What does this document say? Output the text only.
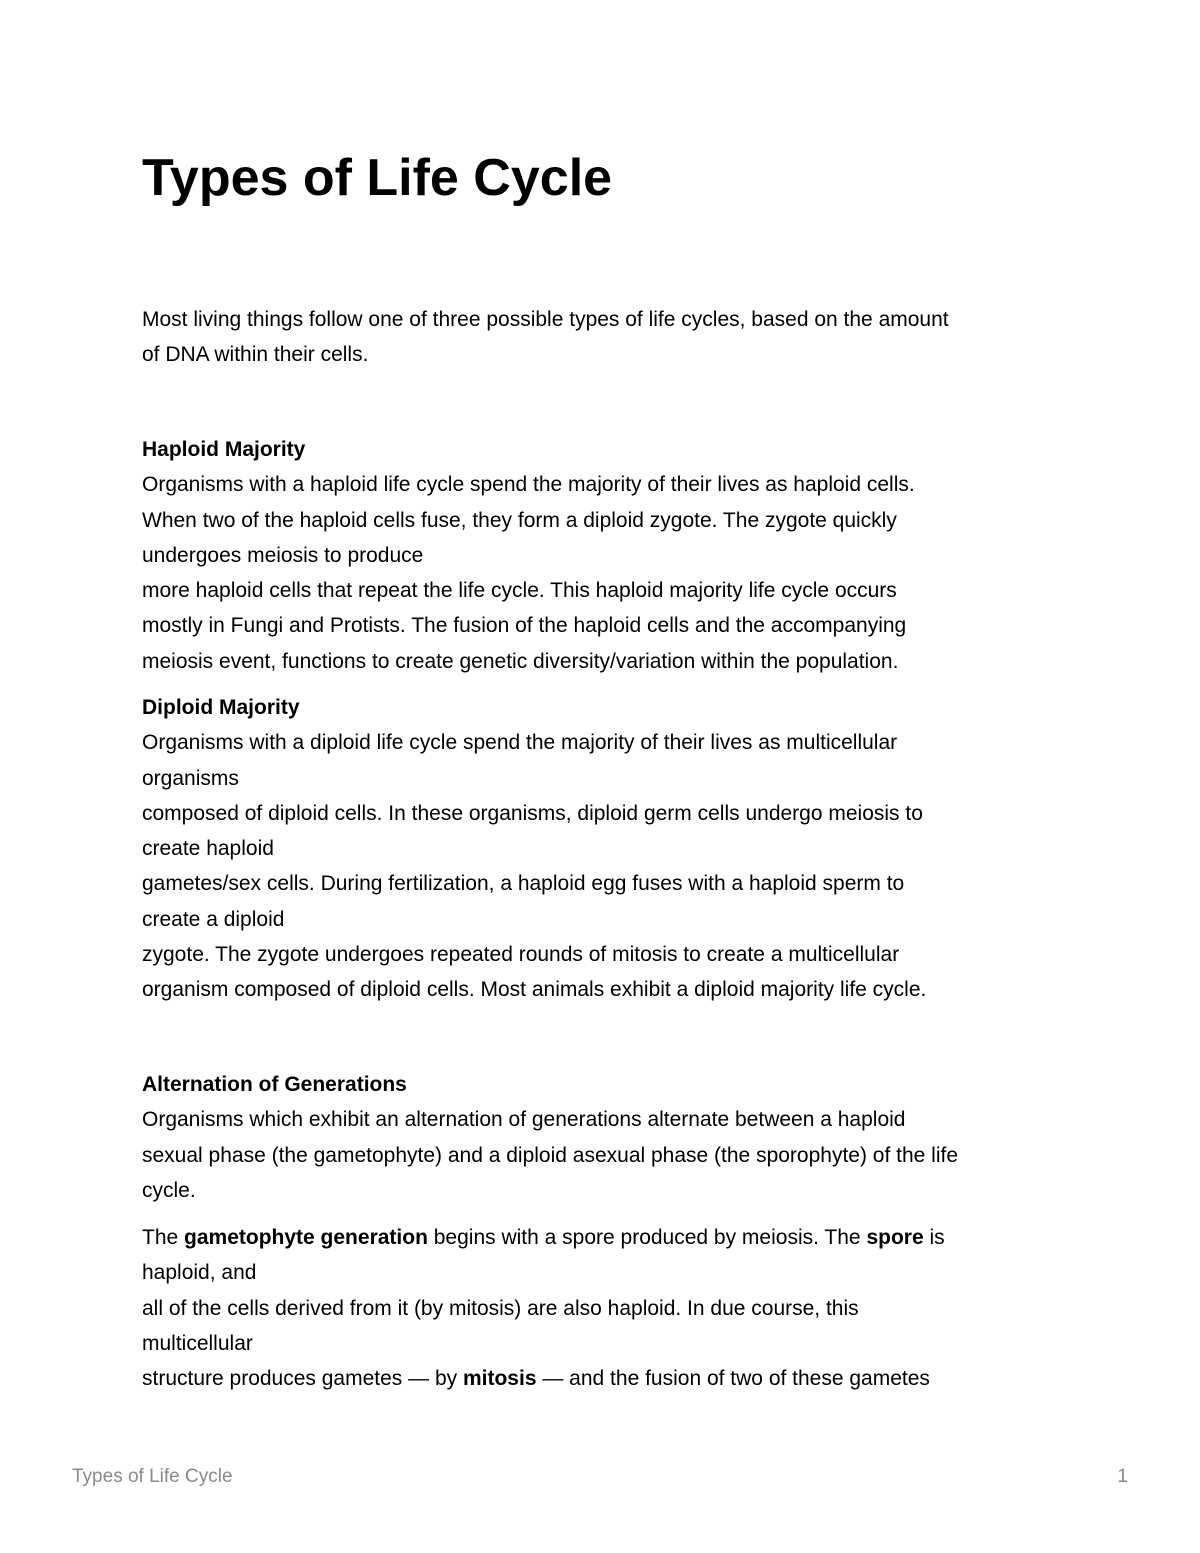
Types of Life Cycle
Most living things follow one of three possible types of life cycles, based on the amount
of DNA within their cells.
Haploid Majority
Organisms with a haploid life cycle spend the majority of their lives as haploid cells.
When two of the haploid cells fuse, they form a diploid zygote. The zygote quickly
undergoes meiosis to produce
more haploid cells that repeat the life cycle. This haploid majority life cycle occurs
mostly in Fungi and Protists. The fusion of the haploid cells and the accompanying
meiosis event, functions to create genetic diversity/variation within the population.
Diploid Majority
Organisms with a diploid life cycle spend the majority of their lives as multicellular
organisms
composed of diploid cells. In these organisms, diploid germ cells undergo meiosis to
create haploid
gametes/sex cells. During fertilization, a haploid egg fuses with a haploid sperm to
create a diploid
zygote. The zygote undergoes repeated rounds of mitosis to create a multicellular
organism composed of diploid cells. Most animals exhibit a diploid majority life cycle.
Alternation of Generations
Organisms which exhibit an alternation of generations alternate between a haploid
sexual phase (the gametophyte) and a diploid asexual phase (the sporophyte) of the life
cycle.
The gametophyte generation begins with a spore produced by meiosis. The spore is
haploid, and
all of the cells derived from it (by mitosis) are also haploid. In due course, this
multicellular
structure produces gametes — by mitosis — and the fusion of two of these gametes
Types of Life Cycle	1
